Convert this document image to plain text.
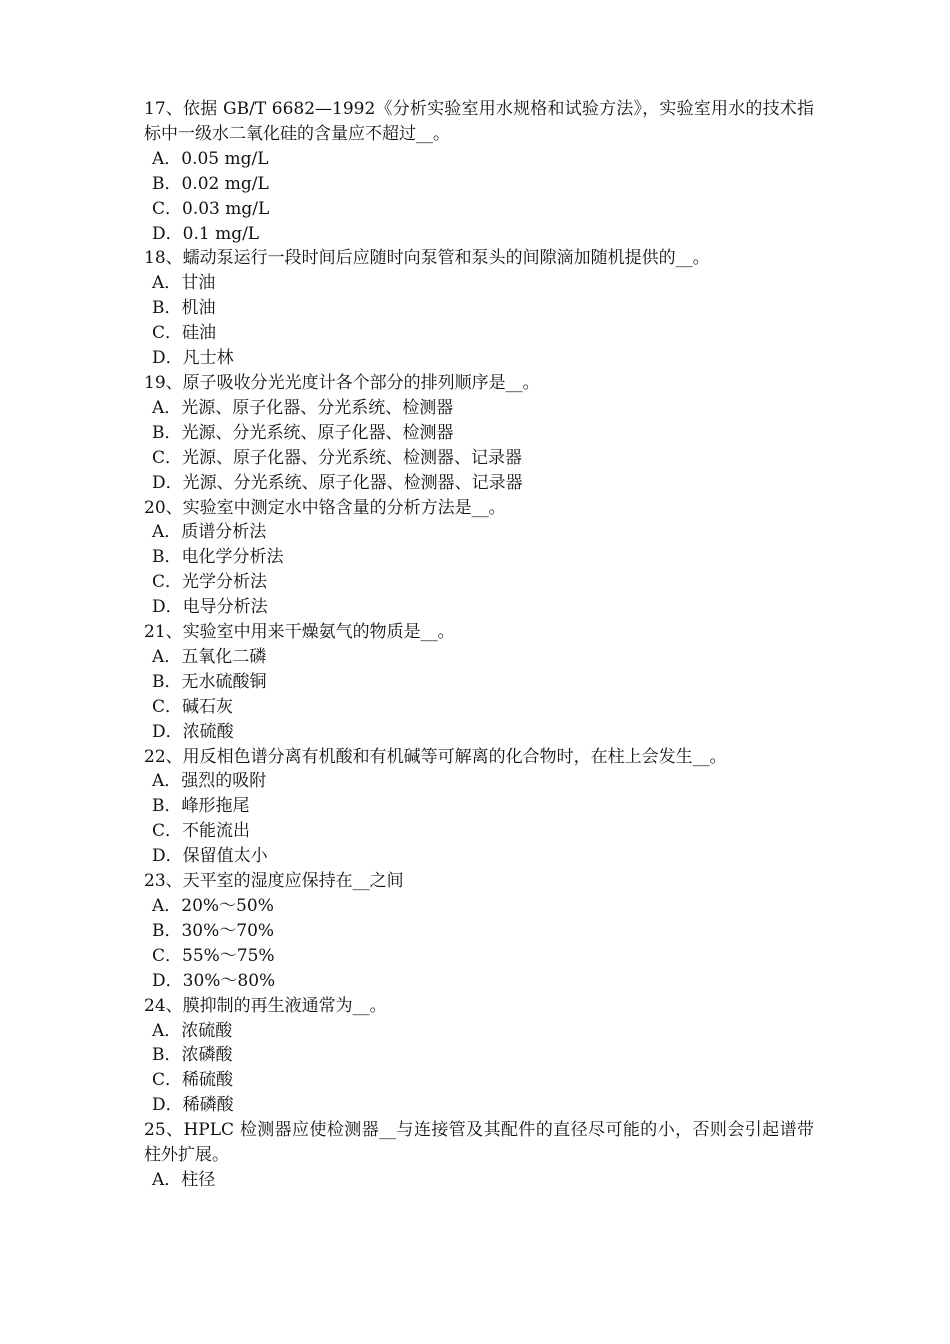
17、依据 GB/T 6682—1992《分析实验室用水规格和试验方法》，实验室用水的技术指标中一级水二氧化硅的含量应不超过__。

A．0.05 mg/L

B．0.02 mg/L

C．0.03 mg/L

D．0.1 mg/L

18、蠕动泵运行一段时间后应随时向泵管和泵头的间隙滴加随机提供的__。

A．甘油

B．机油

C．硅油

D．凡士林

19、原子吸收分光光度计各个部分的排列顺序是__。

A．光源、原子化器、分光系统、检测器

B．光源、分光系统、原子化器、检测器

C．光源、原子化器、分光系统、检测器、记录器

D．光源、分光系统、原子化器、检测器、记录器

20、实验室中测定水中铬含量的分析方法是__。

A．质谱分析法

B．电化学分析法

C．光学分析法

D．电导分析法

21、实验室中用来干燥氨气的物质是__。

A．五氧化二磷

B．无水硫酸铜

C．碱石灰

D．浓硫酸

22、用反相色谱分离有机酸和有机碱等可解离的化合物时，在柱上会发生__。

A．强烈的吸附

B．峰形拖尾

C．不能流出

D．保留值太小

23、天平室的湿度应保持在__之间

A．20%～50%

B．30%～70%

C．55%～75%

D．30%～80%

24、膜抑制的再生液通常为__。

A．浓硫酸

B．浓磷酸

C．稀硫酸

D．稀磷酸

25、HPLC 检测器应使检测器__与连接管及其配件的直径尽可能的小，否则会引起谱带柱外扩展。

A．柱径
